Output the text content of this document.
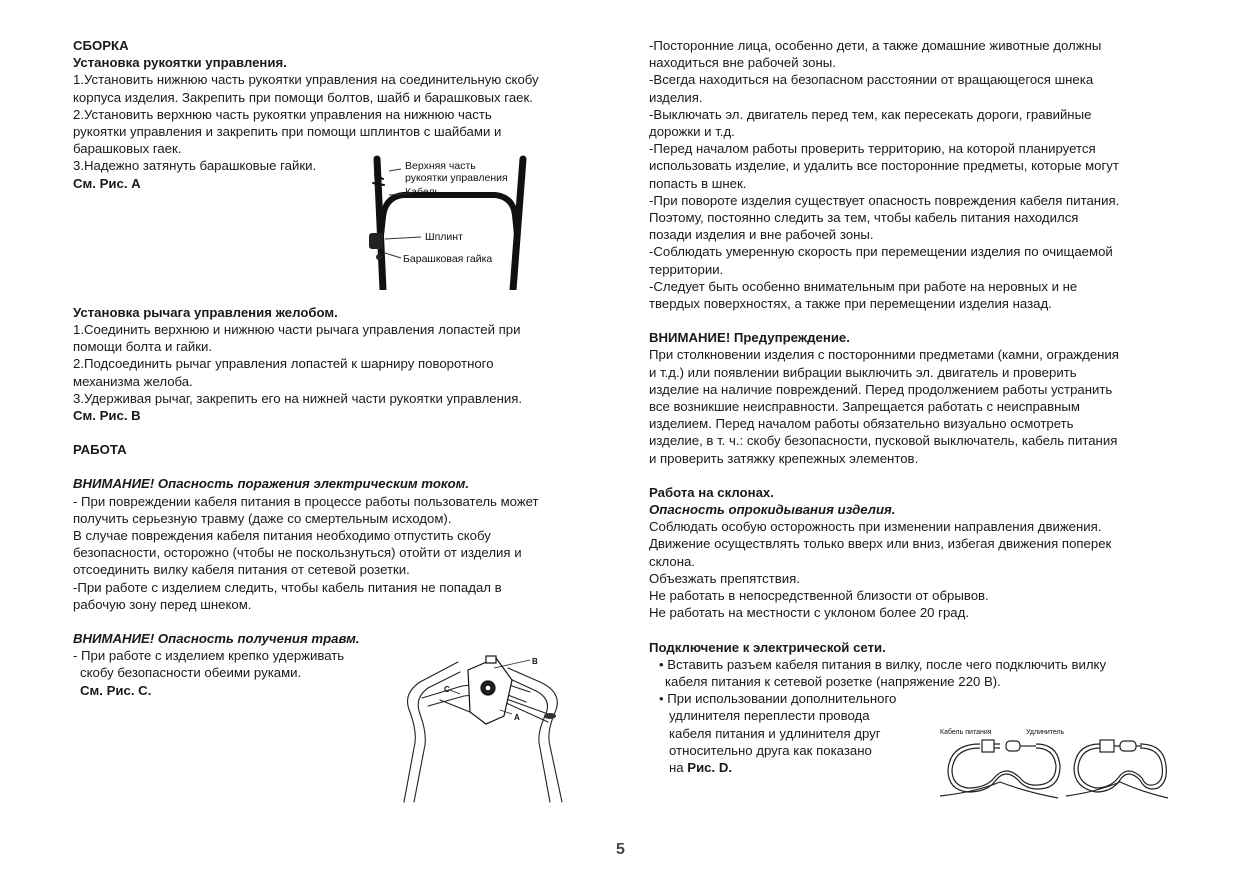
СБОРКА

Установка рукоятки управления.

1.Установить нижнюю часть рукоятки управления на соединительную скобу

корпуса изделия. Закрепить при помощи болтов, шайб и барашковых гаек.

2.Установить верхнюю часть рукоятки управления на нижнюю часть

рукоятки управления и закрепить при помощи шплинтов с шайбами и

барашковых гаек.

3.Надежно затянуть барашковые гайки.

См. Рис. А

Установка рычага управления желобом.

1.Соединить верхнюю и нижнюю части рычага управления лопастей при

помощи болта и гайки.

2.Подсоединить рычаг управления лопастей к шарниру поворотного

механизма желоба.

3.Удерживая рычаг, закрепить его на нижней части рукоятки управления.

См. Рис. В

РАБОТА

ВНИМАНИЕ! Опасность поражения электрическим током.

- При повреждении кабеля питания в процессе работы пользователь может

получить серьезную травму (даже со смертельным исходом).

В случае повреждения кабеля питания необходимо отпустить скобу

безопасности, осторожно (чтобы не поскользнуться) отойти от изделия и

отсоединить вилку кабеля питания от сетевой розетки.

-При работе с изделием следить, чтобы кабель питания не попадал в

рабочую зону перед шнеком.

ВНИМАНИЕ! Опасность получения травм.

- При работе с изделием крепко удерживать

скобу безопасности обеими руками.

См. Рис. С.

Верхняя часть
рукоятки управления
Кабель
Шплинт
Барашковая гайка
B
C
A

-Посторонние лица, особенно дети, а также домашние животные должны

находиться вне рабочей зоны.

-Всегда находиться на безопасном расстоянии от вращающегося шнека

изделия.

-Выключать эл. двигатель перед тем, как пересекать дороги, гравийные

дорожки и т.д.

-Перед началом работы проверить территорию, на которой планируется

использовать изделие, и удалить все посторонние предметы, которые могут

попасть в шнек.

-При повороте изделия существует опасность повреждения кабеля питания.

Поэтому, постоянно следить за тем, чтобы кабель питания находился

позади изделия и вне рабочей зоны.

-Соблюдать умеренную скорость при перемещении изделия по очищаемой

территории.

-Следует быть особенно внимательным при работе на неровных и не

твердых поверхностях, а также при перемещении изделия назад.

ВНИМАНИЕ! Предупреждение.

При столкновении изделия с посторонними предметами (камни, ограждения

и т.д.) или появлении вибрации выключить эл. двигатель и проверить

изделие на наличие повреждений. Перед продолжением работы устранить

все возникшие неисправности. Запрещается работать с неисправным

изделием. Перед началом работы обязательно визуально осмотреть

изделие, в т. ч.: скобу безопасности, пусковой выключатель, кабель питания

и проверить затяжку крепежных элементов.

Работа на склонах.

Опасность опрокидывания изделия.

Соблюдать особую осторожность при изменении направления движения.

Движение осуществлять только вверх или вниз, избегая движения поперек

склона.

Объезжать препятствия.

Не работать в непосредственной близости от обрывов.

Не работать на местности с уклоном более 20 град.

Подключение к электрической сети.

• Вставить разъем кабеля питания в вилку, после чего подключить вилку

кабеля питания к сетевой розетке (напряжение 220 В).

• При использовании дополнительного

удлинителя переплести провода

кабеля питания и удлинителя друг

относительно друга как показано

на Рис. D.

Кабель питания	Удлинитель
5
